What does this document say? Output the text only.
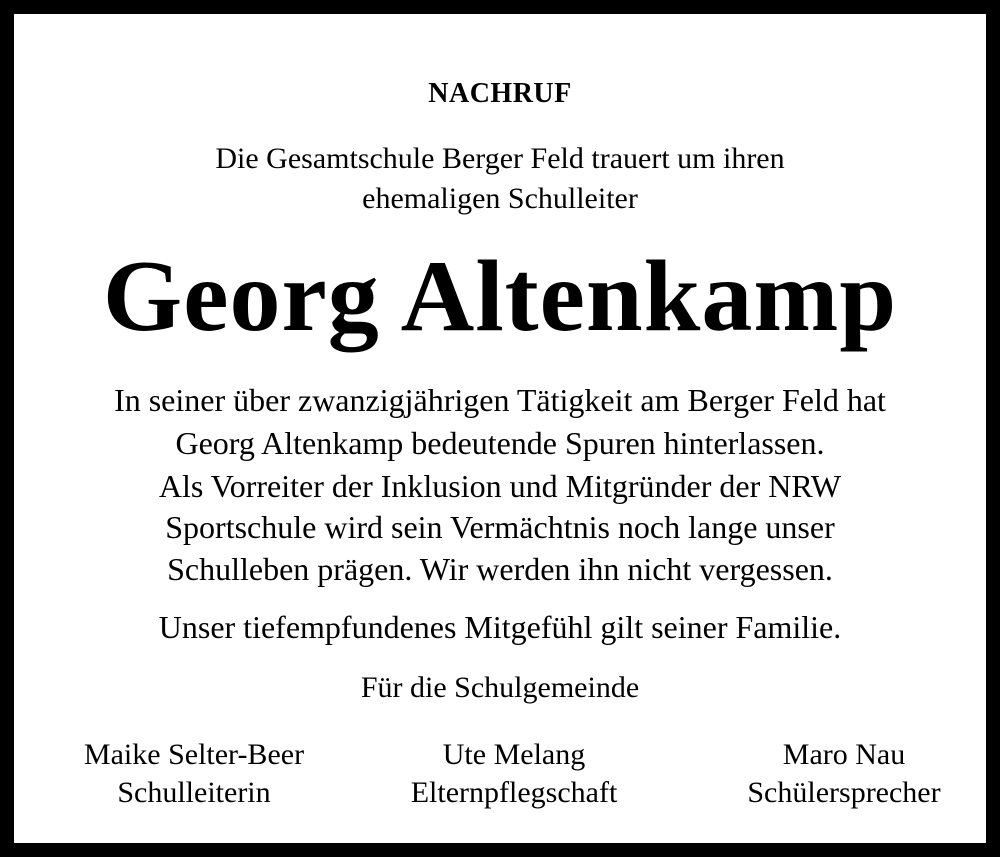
NACHRUF
Die Gesamtschule Berger Feld trauert um ihren
ehemaligen Schulleiter
Georg Altenkamp
In seiner über zwanzigjährigen Tätigkeit am Berger Feld hat
Georg Altenkamp bedeutende Spuren hinterlassen.
Als Vorreiter der Inklusion und Mitgründer der NRW
Sportschule wird sein Vermächtnis noch lange unser
Schulleben prägen. Wir werden ihn nicht vergessen.
Unser tiefempfundenes Mitgefühl gilt seiner Familie.
Für die Schulgemeinde
Maike Selter-Beer
Schulleiterin
Ute Melang
Elternpflegschaft
Maro Nau
Schülersprecher
